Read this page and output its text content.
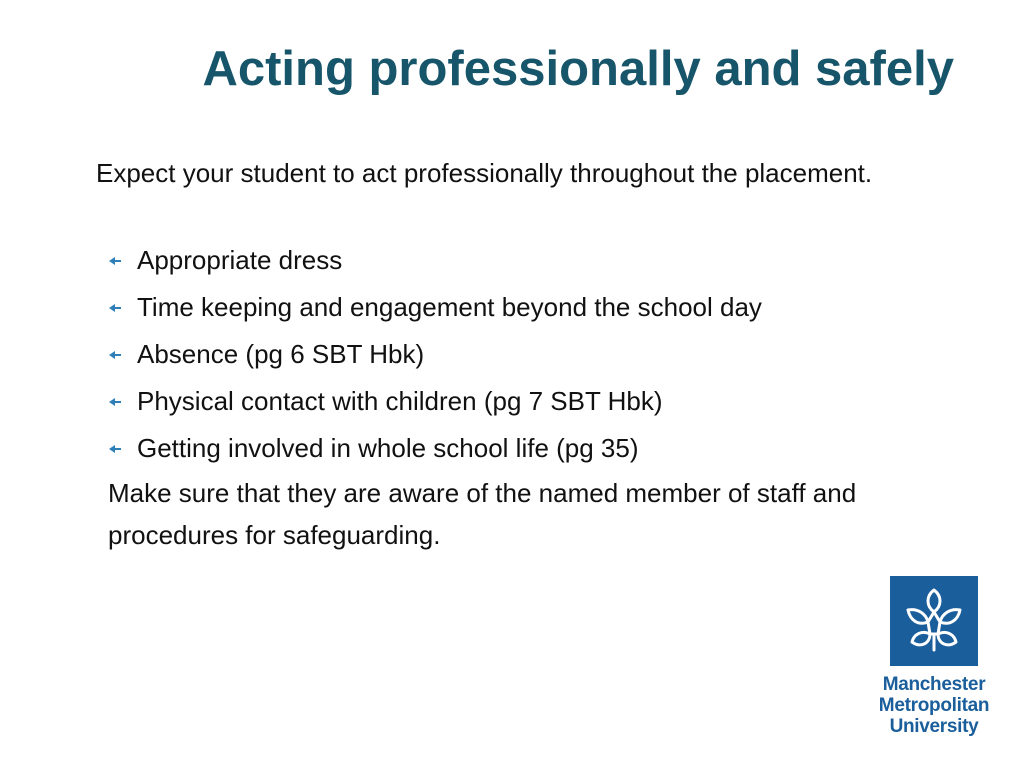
Acting professionally and safely

Expect your student to act professionally throughout the placement.

Appropriate dress
Time keeping and engagement beyond the school day
Absence (pg 6 SBT Hbk)
Physical contact with children (pg 7 SBT Hbk)
Getting involved in whole school life (pg 35)

Make sure that they are aware of the named member of staff and procedures for safeguarding.

Manchester
Metropolitan
University
